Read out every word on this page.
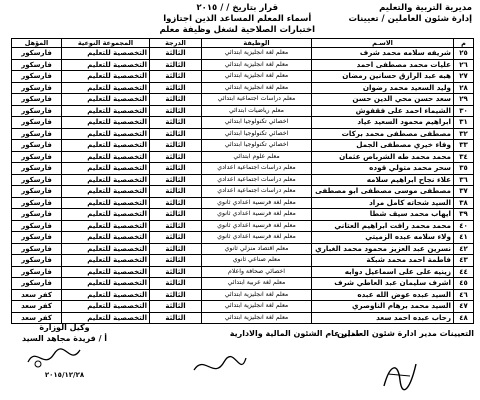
مديرية التربية والتعليم
إدارة شئون العاملين / تعيينات
قرار بتاريخ / / ٢٠١٥
أسماء المعلم المساعد الذين اجتازوا
اختبارات الصلاحية لشغل وظيفة معلم
م	الاسـم	الوظيفة	الدرجة	المجموعة النوعية	المؤهل
٢٥	شريفه سلامه محمد شرف	معلم لغة انجليزية ابتدائي	الثالثة	التخصصية للتعليم	فارسكور
٢٦	عليات محمد مصطفى احمد	معلم لغة انجليزية ابتدائي	الثالثة	التخصصية للتعليم	فارسكور
٢٧	هبه عبد الرازق حسانين رمضان	معلم لغة انجليزية ابتدائي	الثالثة	التخصصية للتعليم	فارسكور
٢٨	وليد السعيد محمد رضوان	معلم لغة انجليزية ابتدائي	الثالثة	التخصصية للتعليم	فارسكور
٢٩	سعد حسن محي الدين حسن	معلم دراسات اجتماعية ابتدائي	الثالثة	التخصصية للتعليم	فارسكور
٣٠	الشيماء احمد على فقفوش	معلم رياضيات ابتدائي	الثالثة	التخصصية للتعليم	فارسكور
٣١	ابراهيم محمود السعيد عياد	اخصائي تكنولوجيا ابتدائي	الثالثة	التخصصية للتعليم	فارسكور
٣٢	مصطفى مصطفى محمد بركات	اخصائي تكنولوجيا ابتدائي	الثالثة	التخصصية للتعليم	فارسكور
٣٣	وفاء خيري مصطفى الجمل	اخصائي تكنولوجيا ابتدائي	الثالثة	التخصصية للتعليم	فارسكور
٣٤	محمد محمد طه الشرباص عثمان	معلم علوم ابتدائي	الثالثة	التخصصية للتعليم	فارسكور
٣٥	سحر محمد متولي قوده	معلم دراسات اجتماعية اعدادي	الثالثة	التخصصية للتعليم	فارسكور
٣٦	علاء نجاح ابراهيم سلامه	معلم دراسات اجتماعية اعدادي	الثالثة	التخصصية للتعليم	فارسكور
٣٧	مصطفى موسى مصطفى ابو مصطفى	معلم دراسات اجتماعية اعدادي	الثالثة	التخصصية للتعليم	فارسكور
٣٨	السيد شحاته كامل مراد	معلم لغة فرنسية اعدادي ثانوي	الثالثة	التخصصية للتعليم	فارسكور
٣٩	ايهاب محمد سيف شطا	معلم لغة فرنسية اعدادي ثانوي	الثالثة	التخصصية للتعليم	فارسكور
٤٠	محمد محمد رافت ابراهيم العتاني	معلم لغة فرنسية اعدادي ثانوي	الثالثة	التخصصية للتعليم	فارسكور
٤١	ولاء سلامه عبده الزميتي	معلم لغة فرنسية اعدادي ثانوي	الثالثة	التخصصية للتعليم	فارسكور
٤٢	نسرين عبد العزيز محمود محمد الغباري	معلم اقتصاد منزلي ثانوي	الثالثة	التخصصية للتعليم	فارسكور
٤٣	فاطمة احمد محمد شبكة	معلم صناعي ثانوي	الثالثة	التخصصية للتعليم	فارسكور
٤٤	زينيه على على اسماعيل دوابه	اخصائي صحافة واعلام	الثالثة	التخصصية للتعليم	فارسكور
٤٥	اشرف سليمان عبد العاطي شرف	معلم لغة عربية ابتدائي	الثالثة	التخصصية للتعليم	فارسكور
٤٦	السيد عبده عوض الله عبده	معلم لغة انجليزية ابتدائي	الثالثة	التخصصية للتعليم	كفر سعد
٤٧	السيد محمد برهام الناوصري	معلم لغة انجليزية ابتدائي	الثالثة	التخصصية للتعليم	كفر سعد
٤٨	رحاب عبده احمد سعد	معلم لغة انجليزية ابتدائي	الثالثة	التخصصية للتعليم	كفر سعد
وكيل الوزارة
أ / فريدة مجاهد السيد
٢٠١٥/١٢/٢٨
مدير عام الشئون المالية والادارية
التعيينات مدير ادارة شئون العاملين
